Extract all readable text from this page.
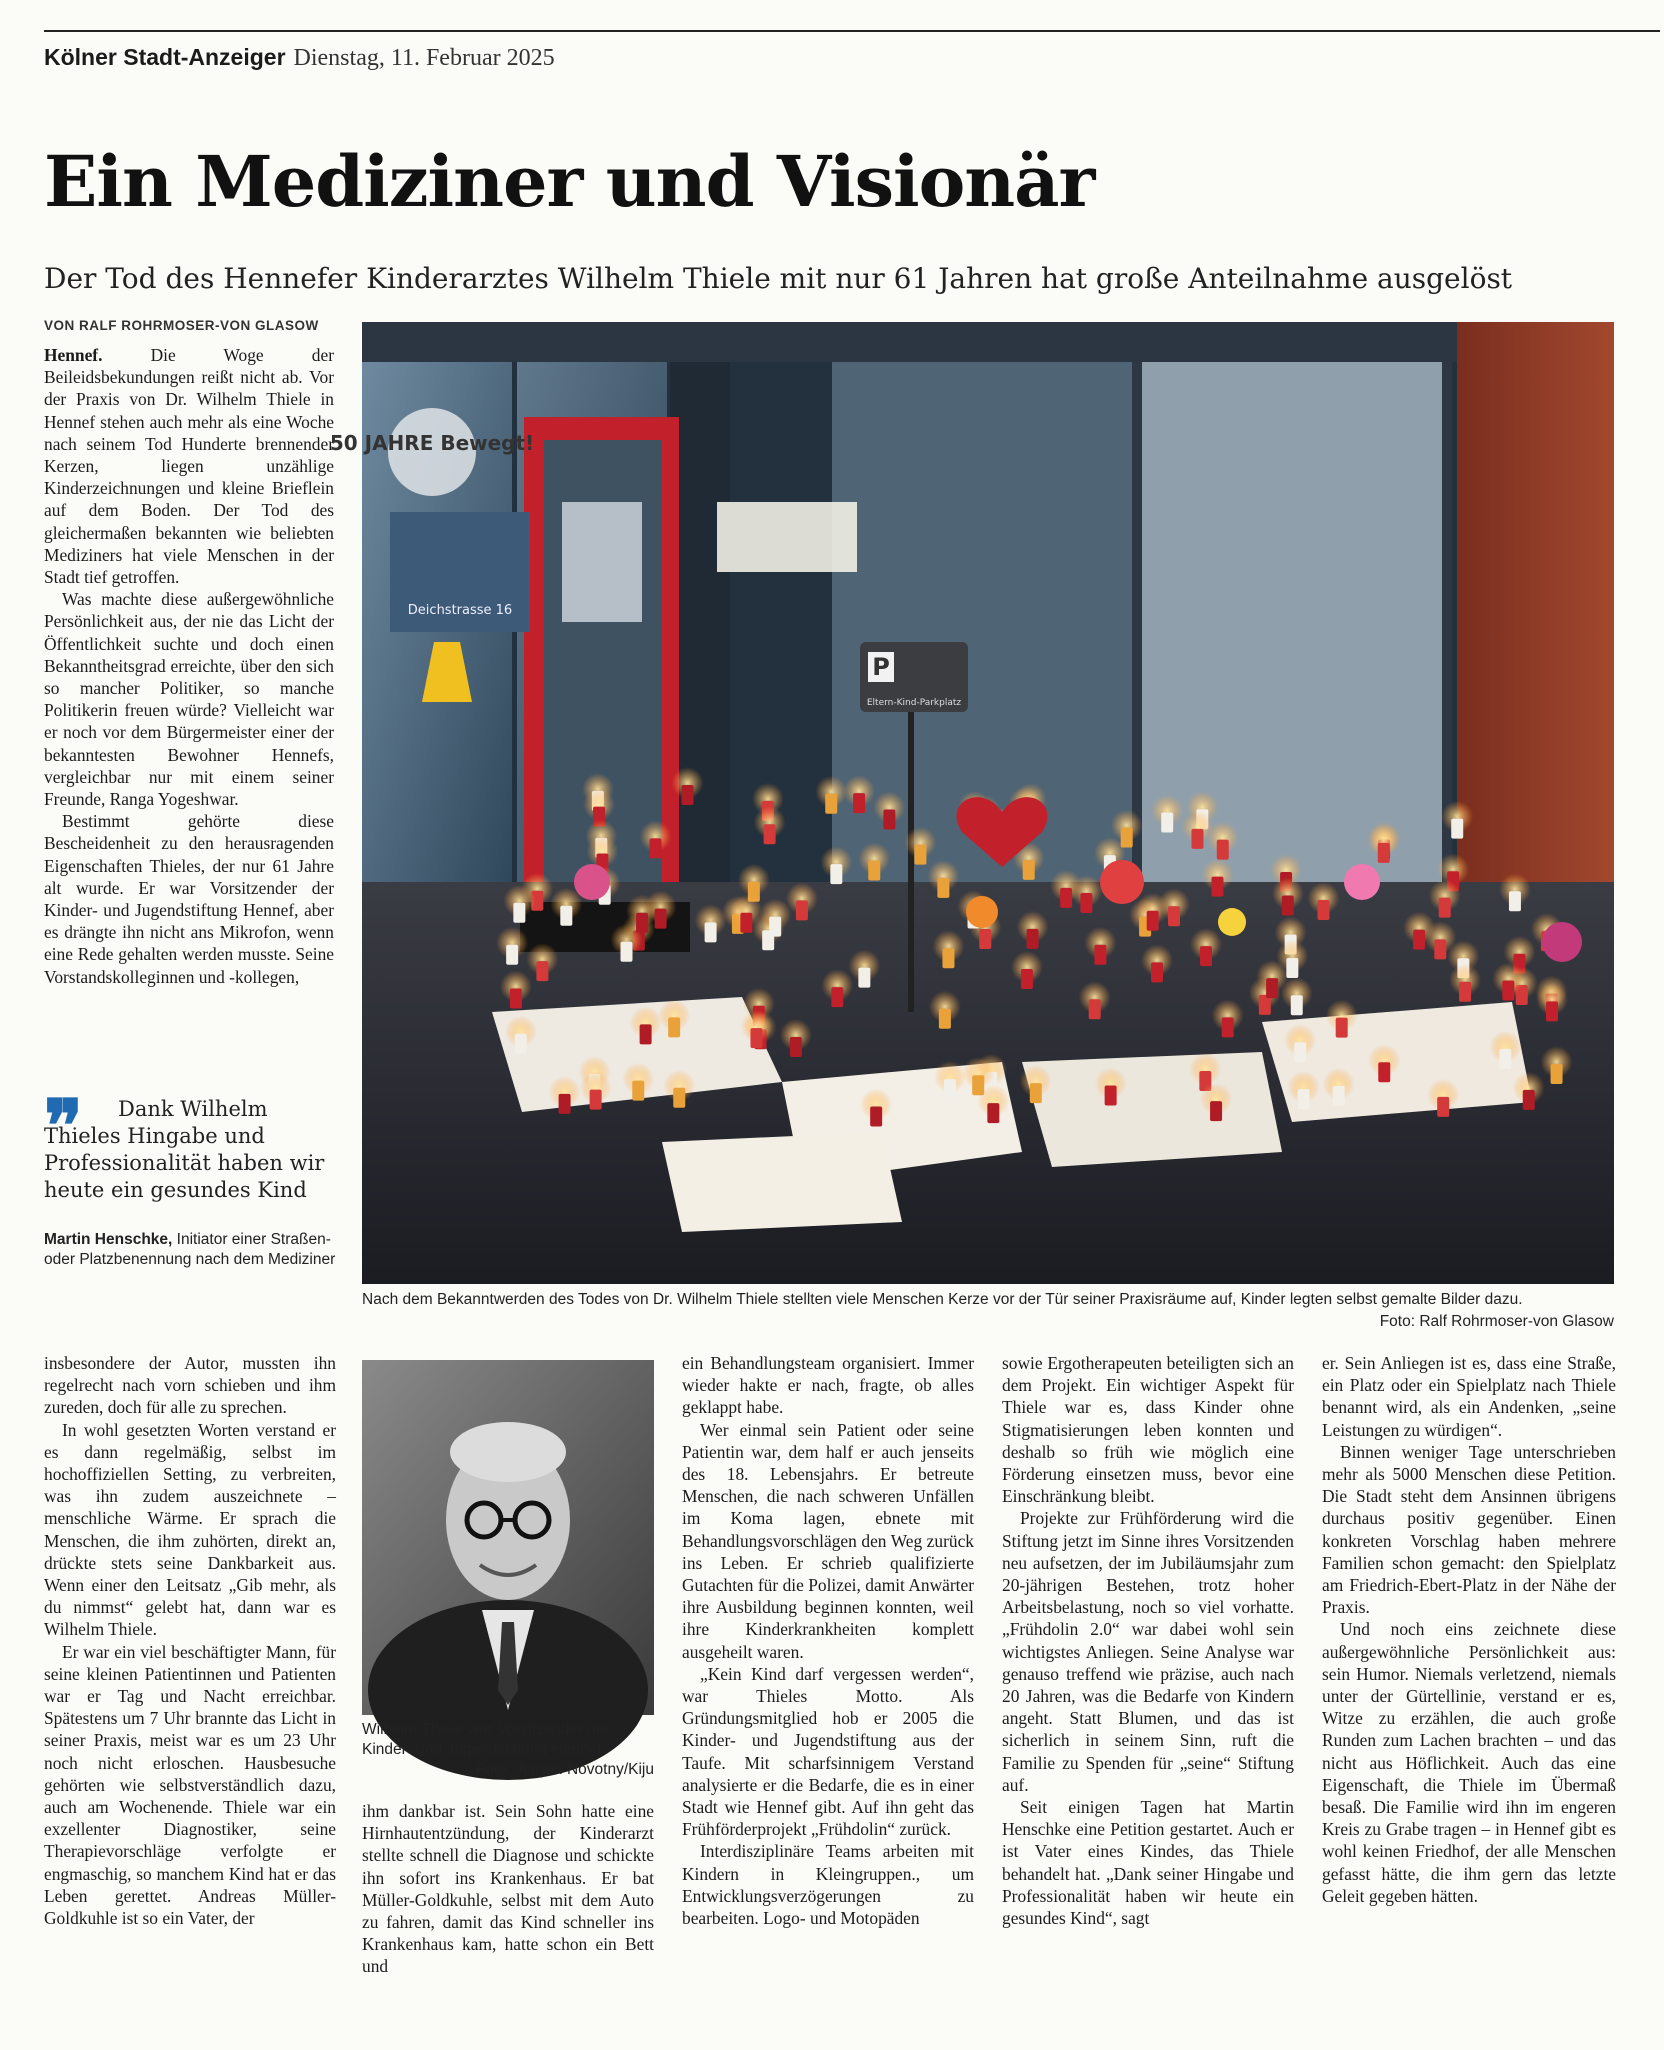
Kölner Stadt-Anzeiger Dienstag, 11. Februar 2025
Ein Mediziner und Visionär
Der Tod des Hennefer Kinderarztes Wilhelm Thiele mit nur 61 Jahren hat große Anteilnahme ausgelöst
VON RALF ROHRMOSER-VON GLASOW

Hennef.	Die Woge der Beileidsbekundungen reißt nicht ab. Vor der Praxis von Dr. Wilhelm Thiele in Hennef stehen auch mehr als eine Woche nach seinem Tod Hunderte brennender Kerzen, liegen unzählige Kinderzeichnungen und kleine Brieflein auf dem Boden. Der Tod des gleichermaßen bekannten wie beliebten Mediziners hat viele Menschen in der Stadt tief getroffen.

Was machte diese außergewöhnliche Persönlichkeit aus, der nie das Licht der Öffentlichkeit suchte und doch einen Bekanntheitsgrad erreichte, über den sich so mancher Politiker, so manche Politikerin freuen würde? Vielleicht war er noch vor dem Bürgermeister einer der bekanntesten Bewohner Hennefs, vergleichbar nur mit einem seiner Freunde, Ranga Yogeshwar.

Bestimmt gehörte diese Bescheidenheit zu den herausragenden Eigenschaften Thieles, der nur 61 Jahre alt wurde. Er war Vorsitzender der Kinder- und Jugendstiftung Hennef, aber es drängte ihn nicht ans Mikrofon, wenn eine Rede gehalten werden musste. Seine Vorstandskolleginnen und -kollegen,

❞	Dank Wilhelm Thieles Hingabe und Professionalität haben wir heute ein gesundes Kind
Martin Henschke, Initiator einer Straßen- oder Platzbenennung nach dem Mediziner
50 JAHRE Bewegt!
Deichstrasse 16
P
Eltern-Kind-Parkplatz
Nach dem Bekanntwerden des Todes von Dr. Wilhelm Thiele stellten viele Menschen Kerze vor der Tür seiner Praxisräume auf, Kinder legten selbst gemalte Bilder dazu.
Foto: Ralf Rohrmoser-von Glasow

insbesondere der Autor, mussten ihn regelrecht nach vorn schieben und ihm zureden, doch für alle zu sprechen.

In wohl gesetzten Worten verstand er es dann regelmäßig, selbst im hochoffiziellen Setting, zu verbreiten, was ihn zudem auszeichnete – menschliche Wärme. Er sprach die Menschen, die ihm zuhörten, direkt an, drückte stets seine Dankbarkeit aus. Wenn einer den Leitsatz „Gib mehr, als du nimmst“ gelebt hat, dann war es Wilhelm Thiele.

Er war ein viel beschäftigter Mann, für seine kleinen Patientinnen und Patienten war er Tag und Nacht erreichbar. Spätestens um 7 Uhr brannte das Licht in seiner Praxis, meist war es um 23 Uhr noch nicht erloschen. Hausbesuche gehörten wie selbstverständlich dazu, auch am Wochenende. Thiele war ein exzellenter Diagnostiker, seine Therapievorschläge verfolgte er engmaschig, so manchem Kind hat er das Leben gerettet. Andreas Müller-Goldkuhle ist so ein Vater, der

Wilhelm Thiele war Vorsitzender der Kinder- und Jugendstiftung Hennef.
Foto: Jürgen Novotny/Kiju

ihm dankbar ist. Sein Sohn hatte eine Hirnhautentzündung, der Kinderarzt stellte schnell die Diagnose und schickte ihn sofort ins Krankenhaus. Er bat Müller-Goldkuhle, selbst mit dem Auto zu fahren, damit das Kind schneller ins Krankenhaus kam, hatte schon ein Bett und

ein Behandlungsteam organisiert. Immer wieder hakte er nach, fragte, ob alles geklappt habe.

Wer einmal sein Patient oder seine Patientin war, dem half er auch jenseits des 18. Lebensjahrs. Er betreute Menschen, die nach schweren Unfällen im Koma lagen, ebnete mit Behandlungsvorschlägen den Weg zurück ins Leben. Er schrieb qualifizierte Gutachten für die Polizei, damit Anwärter ihre Ausbildung beginnen konnten, weil ihre Kinderkrankheiten komplett ausgeheilt waren.

„Kein Kind darf vergessen werden“, war Thieles Motto. Als Gründungsmitglied hob er 2005 die Kinder- und Jugendstiftung aus der Taufe. Mit scharfsinnigem Verstand analysierte er die Bedarfe, die es in einer Stadt wie Hennef gibt. Auf ihn geht das Frühförderprojekt „Frühdolin“ zurück.

Interdisziplinäre Teams arbeiten mit Kindern in Kleingruppen., um Entwicklungsverzögerungen zu bearbeiten. Logo- und Motopäden

sowie Ergotherapeuten beteiligten sich an dem Projekt. Ein wichtiger Aspekt für Thiele war es, dass Kinder ohne Stigmatisierungen leben konnten und deshalb so früh wie möglich eine Förderung einsetzen muss, bevor eine Einschränkung bleibt.

Projekte zur Frühförderung wird die Stiftung jetzt im Sinne ihres Vorsitzenden neu aufsetzen, der im Jubiläumsjahr zum 20-jährigen Bestehen, trotz hoher Arbeitsbelastung, noch so viel vorhatte. „Frühdolin 2.0“ war dabei wohl sein wichtigstes Anliegen. Seine Analyse war genauso treffend wie präzise, auch nach 20 Jahren, was die Bedarfe von Kindern angeht. Statt Blumen, und das ist sicherlich in seinem Sinn, ruft die Familie zu Spenden für „seine“ Stiftung auf.

Seit einigen Tagen hat Martin Henschke eine Petition gestartet. Auch er ist Vater eines Kindes, das Thiele behandelt hat. „Dank seiner Hingabe und Professionalität haben wir heute ein gesundes Kind“, sagt

er. Sein Anliegen ist es, dass eine Straße, ein Platz oder ein Spielplatz nach Thiele benannt wird, als ein Andenken, „seine Leistungen zu würdigen“.

Binnen weniger Tage unterschrieben mehr als 5000 Menschen diese Petition. Die Stadt steht dem Ansinnen übrigens durchaus positiv gegenüber. Einen konkreten Vorschlag haben mehrere Familien schon gemacht: den Spielplatz am Friedrich-Ebert-Platz in der Nähe der Praxis.

Und noch eins zeichnete diese außergewöhnliche Persönlichkeit aus: sein Humor. Niemals verletzend, niemals unter der Gürtellinie, verstand er es, Witze zu erzählen, die auch große Runden zum Lachen brachten – und das nicht aus Höflichkeit. Auch das eine Eigenschaft, die Thiele im Übermaß besaß. Die Familie wird ihn im engeren Kreis zu Grabe tragen – in Hennef gibt es wohl keinen Friedhof, der alle Menschen gefasst hätte, die ihm gern das letzte Geleit gegeben hätten.
